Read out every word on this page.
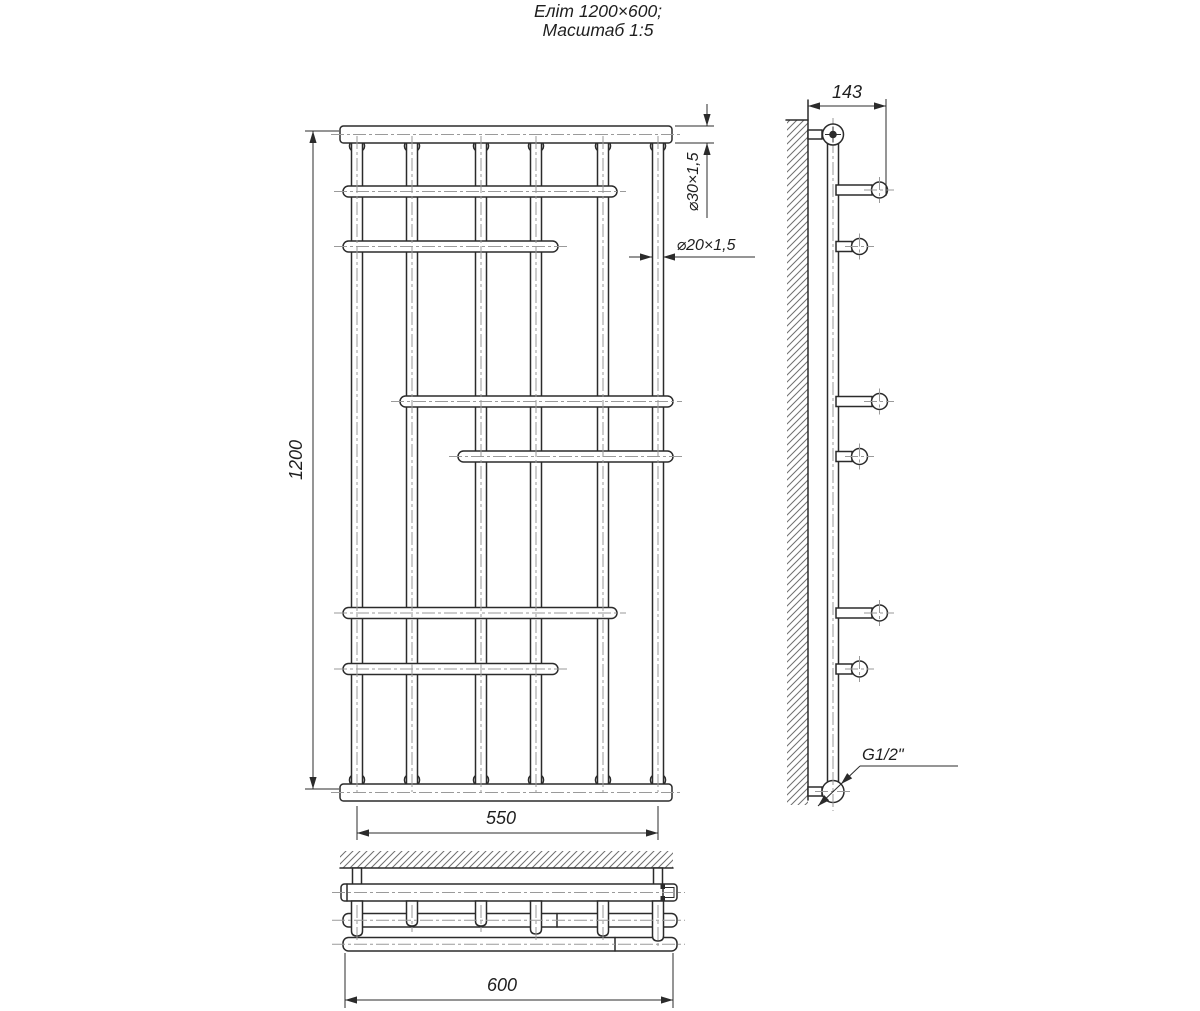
Еліт 1200×600;
Масштаб 1:5
1200
550
600
143
⌀30×1,5
⌀20×1,5
G1/2"
